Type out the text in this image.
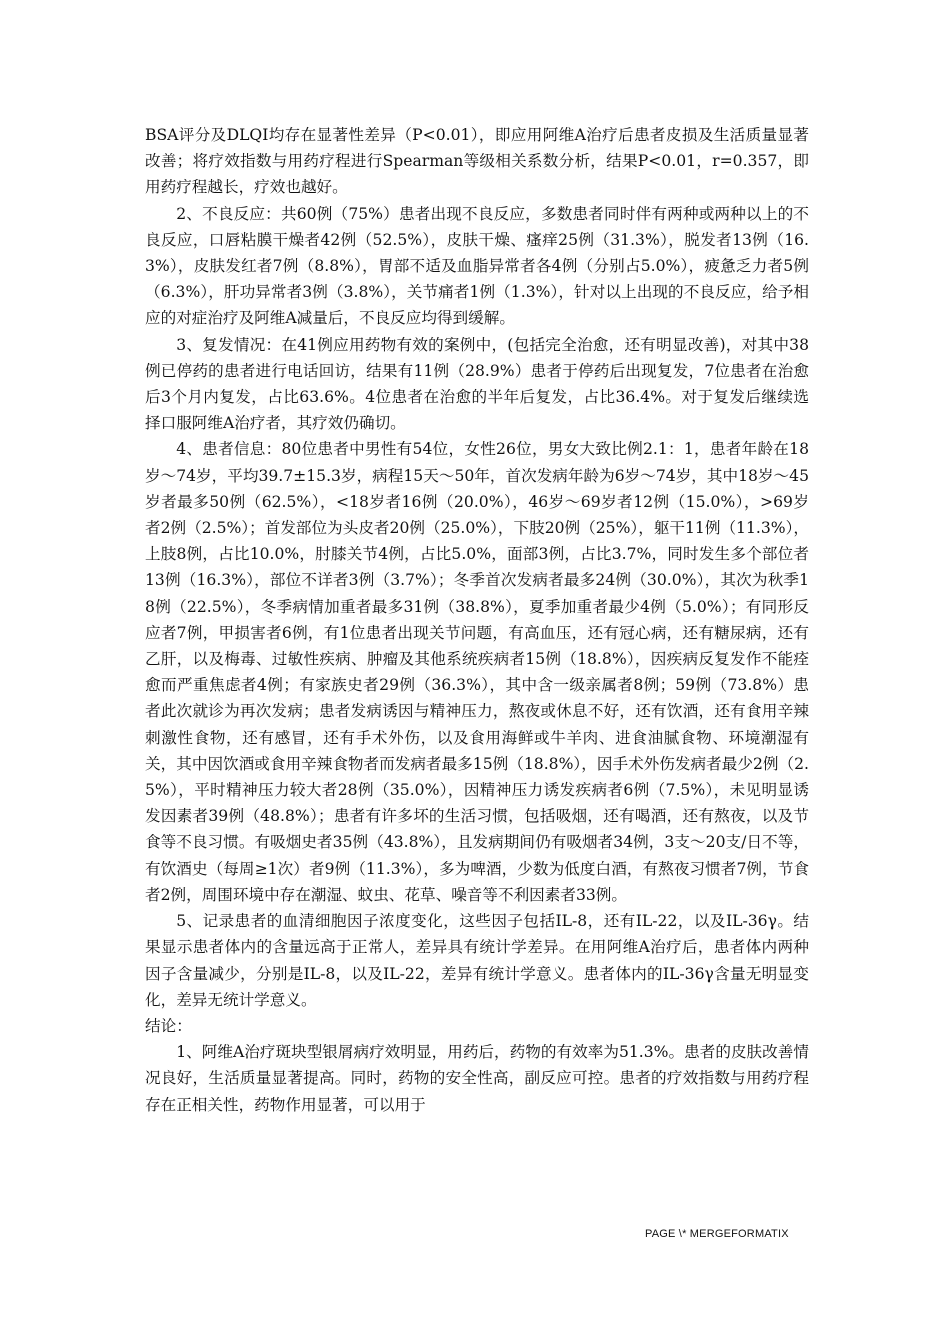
BSA评分及DLQI均存在显著性差异（P<0.01），即应用阿维A治疗后患者皮损及生活质量显著改善；将疗效指数与用药疗程进行Spearman等级相关系数分析，结果P<0.01，r=0.357，即用药疗程越长，疗效也越好。

2、不良反应：共60例（75%）患者出现不良反应，多数患者同时伴有两种或两种以上的不良反应，口唇粘膜干燥者42例（52.5%），皮肤干燥、瘙痒25例（31.3%），脱发者13例（16.3%），皮肤发红者7例（8.8%），胃部不适及血脂异常者各4例（分别占5.0%），疲惫乏力者5例（6.3%），肝功异常者3例（3.8%），关节痛者1例（1.3%），针对以上出现的不良反应，给予相应的对症治疗及阿维A减量后，不良反应均得到缓解。

3、复发情况：在41例应用药物有效的案例中，(包括完全治愈，还有明显改善)，对其中38例已停药的患者进行电话回访，结果有11例（28.9%）患者于停药后出现复发，7位患者在治愈后3个月内复发，占比63.6%。4位患者在治愈的半年后复发，占比36.4%。对于复发后继续选择口服阿维A治疗者，其疗效仍确切。

4、患者信息：80位患者中男性有54位，女性26位，男女大致比例2.1：1，患者年龄在18岁～74岁，平均39.7±15.3岁，病程15天～50年，首次发病年龄为6岁～74岁，其中18岁～45岁者最多50例（62.5%），<18岁者16例（20.0%），46岁～69岁者12例（15.0%），>69岁者2例（2.5%）；首发部位为头皮者20例（25.0%），下肢20例（25%），躯干11例（11.3%），上肢8例，占比10.0%，肘膝关节4例，占比5.0%，面部3例，占比3.7%，同时发生多个部位者13例（16.3%），部位不详者3例（3.7%）；冬季首次发病者最多24例（30.0%），其次为秋季18例（22.5%），冬季病情加重者最多31例（38.8%），夏季加重者最少4例（5.0%）；有同形反应者7例，甲损害者6例，有1位患者出现关节问题，有高血压，还有冠心病，还有糖尿病，还有乙肝，以及梅毒、过敏性疾病、肿瘤及其他系统疾病者15例（18.8%），因疾病反复发作不能痊愈而严重焦虑者4例；有家族史者29例（36.3%），其中含一级亲属者8例；59例（73.8%）患者此次就诊为再次发病；患者发病诱因与精神压力，熬夜或休息不好，还有饮酒，还有食用辛辣刺激性食物，还有感冒，还有手术外伤，以及食用海鲜或牛羊肉、进食油腻食物、环境潮湿有关，其中因饮酒或食用辛辣食物者而发病者最多15例（18.8%），因手术外伤发病者最少2例（2.5%），平时精神压力较大者28例（35.0%），因精神压力诱发疾病者6例（7.5%），未见明显诱发因素者39例（48.8%）；患者有许多坏的生活习惯，包括吸烟，还有喝酒，还有熬夜，以及节食等不良习惯。有吸烟史者35例（43.8%），且发病期间仍有吸烟者34例，3支～20支/日不等，有饮酒史（每周≥1次）者9例（11.3%），多为啤酒，少数为低度白酒，有熬夜习惯者7例，节食者2例，周围环境中存在潮湿、蚊虫、花草、噪音等不利因素者33例。

5、记录患者的血清细胞因子浓度变化，这些因子包括IL-8，还有IL-22，以及IL-36γ。结果显示患者体内的含量远高于正常人，差异具有统计学差异。在用阿维A治疗后，患者体内两种因子含量减少，分别是IL-8，以及IL-22，差异有统计学意义。患者体内的IL-36γ含量无明显变化，差异无统计学意义。

结论：

1、阿维A治疗斑块型银屑病疗效明显，用药后，药物的有效率为51.3%。患者的皮肤改善情况良好，生活质量显著提高。同时，药物的安全性高，副反应可控。患者的疗效指数与用药疗程存在正相关性，药物作用显著，可以用于

PAGE \* MERGEFORMATIX
